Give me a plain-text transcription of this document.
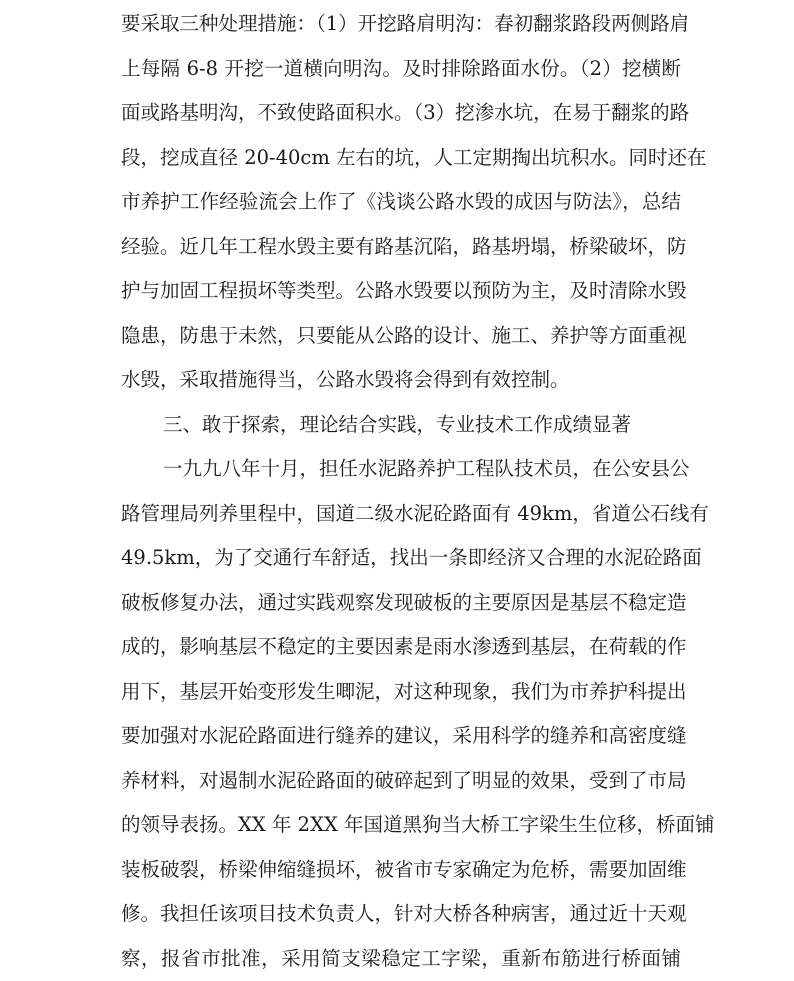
要采取三种处理措施：（1）开挖路肩明沟：春初翻浆路段两侧路肩
上每隔 6-8 开挖一道横向明沟。及时排除路面水份。（2）挖横断
面或路基明沟，不致使路面积水。（3）挖渗水坑，在易于翻浆的路
段，挖成直径 20-40cm 左右的坑，人工定期掏出坑积水。同时还在
市养护工作经验流会上作了《浅谈公路水毁的成因与防法》，总结
经验。近几年工程水毁主要有路基沉陷，路基坍塌，桥梁破坏，防
护与加固工程损坏等类型。公路水毁要以预防为主，及时清除水毁
隐患，防患于未然，只要能从公路的设计、施工、养护等方面重视
水毁，采取措施得当，公路水毁将会得到有效控制。
三、敢于探索，理论结合实践，专业技术工作成绩显著
一九九八年十月，担任水泥路养护工程队技术员，在公安县公
路管理局列养里程中，国道二级水泥砼路面有 49km，省道公石线有
49.5km，为了交通行车舒适，找出一条即经济又合理的水泥砼路面
破板修复办法，通过实践观察发现破板的主要原因是基层不稳定造
成的，影响基层不稳定的主要因素是雨水渗透到基层，在荷载的作
用下，基层开始变形发生唧泥，对这种现象，我们为市养护科提出
要加强对水泥砼路面进行缝养的建议，采用科学的缝养和高密度缝
养材料，对遏制水泥砼路面的破碎起到了明显的效果，受到了市局
的领导表扬。XX 年 2XX 年国道黑狗当大桥工字梁生生位移，桥面铺
装板破裂，桥梁伸缩缝损坏，被省市专家确定为危桥，需要加固维
修。我担任该项目技术负责人，针对大桥各种病害，通过近十天观
察，报省市批准，采用简支梁稳定工字梁，重新布筋进行桥面铺
